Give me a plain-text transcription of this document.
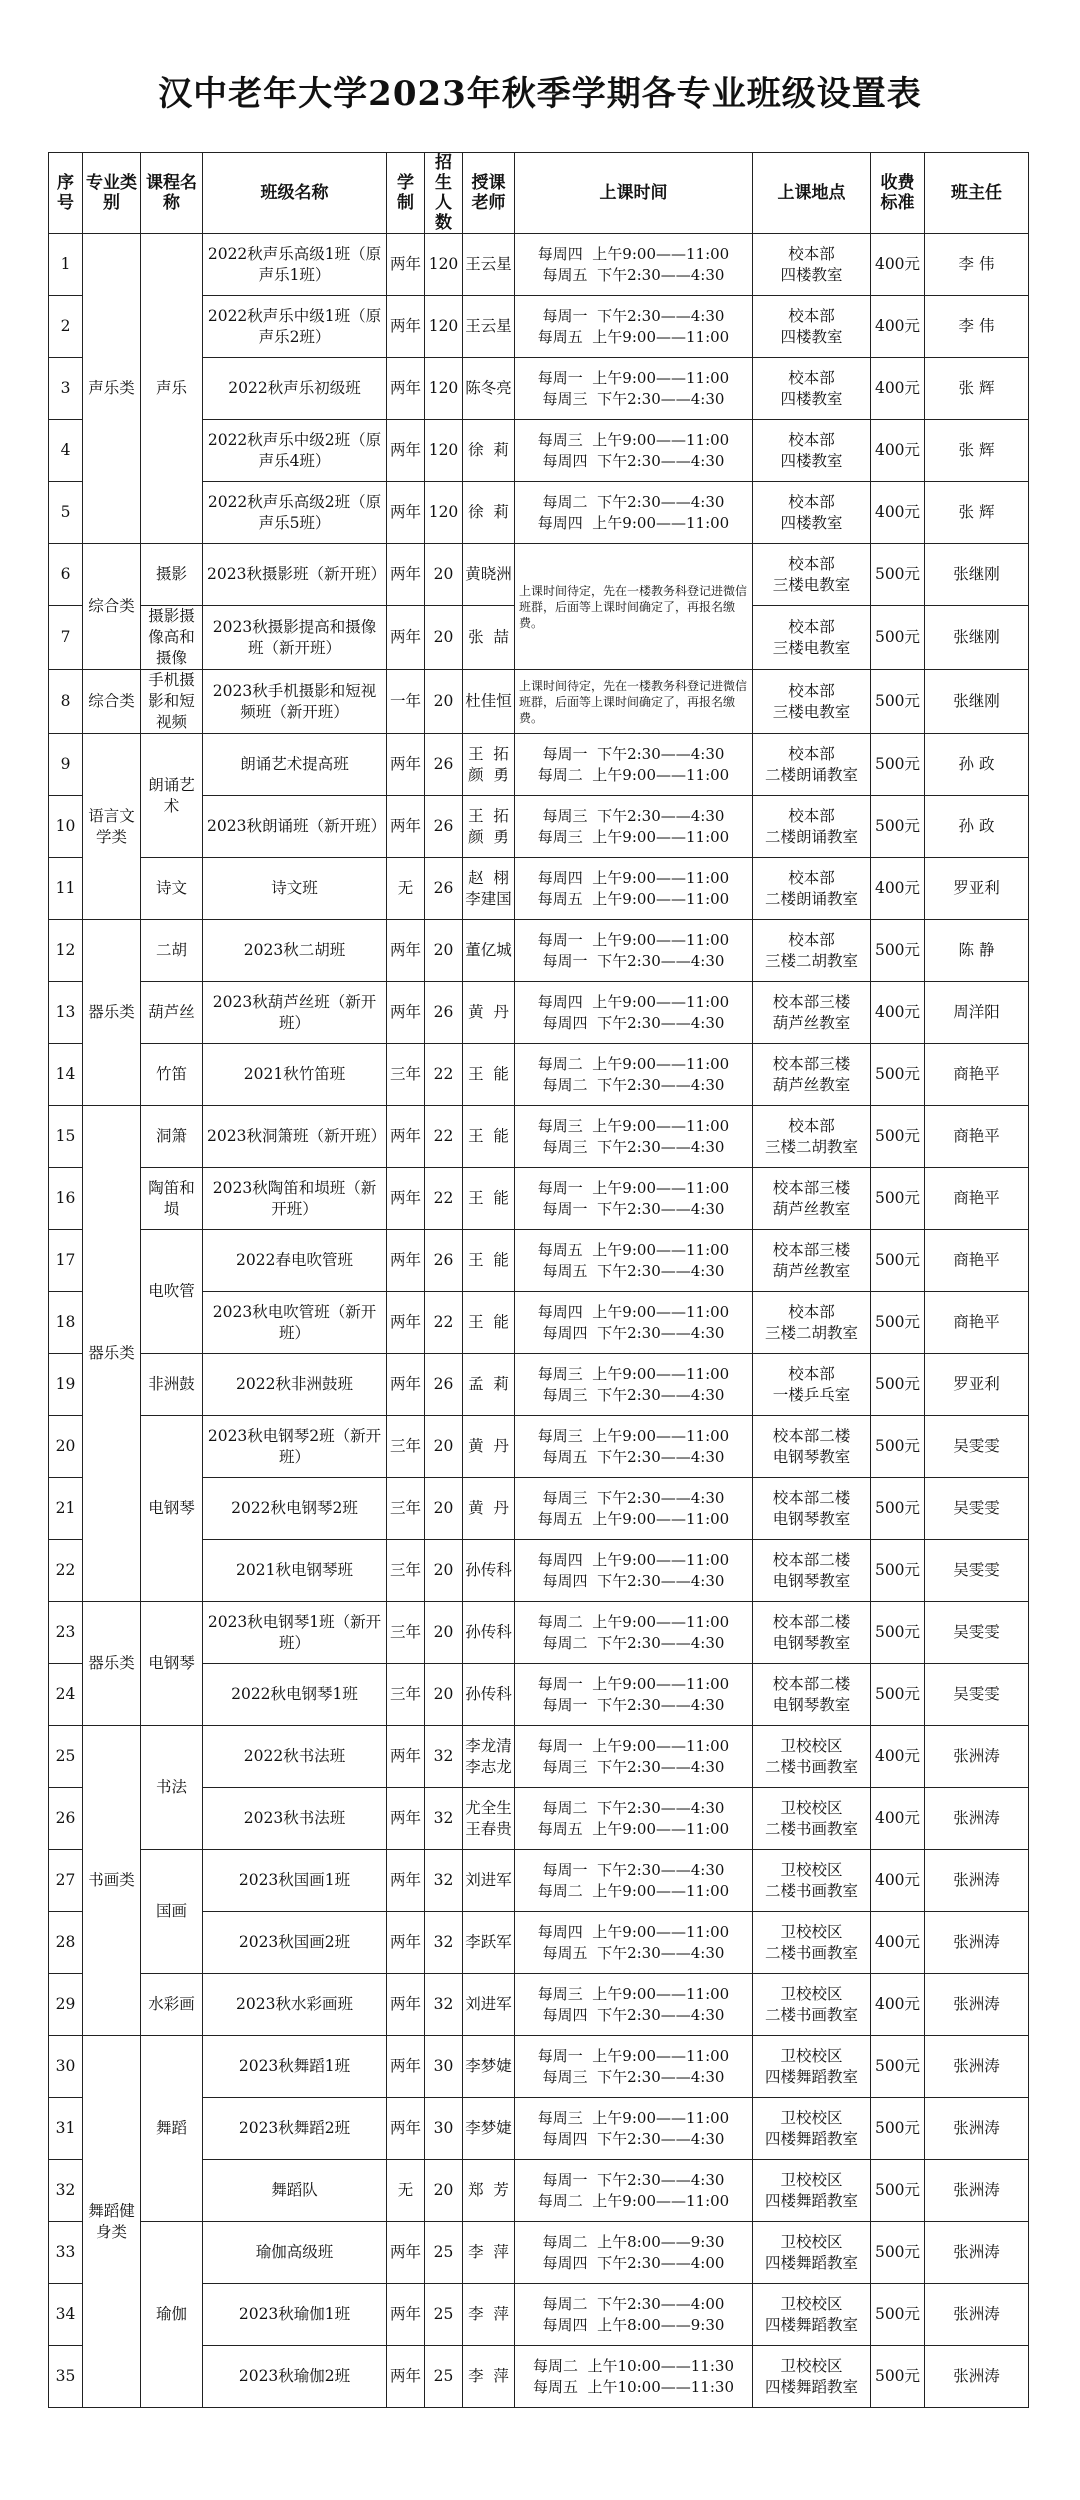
汉中老年大学2023年秋季学期各专业班级设置表
序号	专业类别	课程名称	班级名称	学制	招生人数	授课老师	上课时间	上课地点	收费标准	班主任
1	声乐类	声乐	2022秋声乐高级1班（原声乐1班）	两年	120	王云星	每周四  上午9:00——11:00
每周五  下午2:30——4:30	校本部
四楼教室	400元	李 伟
2			2022秋声乐中级1班（原声乐2班）	两年	120	王云星	每周一  下午2:30——4:30
每周五  上午9:00——11:00	校本部
四楼教室	400元	李 伟
3			2022秋声乐初级班	两年	120	陈冬亮	每周一  上午9:00——11:00
每周三  下午2:30——4:30	校本部
四楼教室	400元	张 辉
4			2022秋声乐中级2班（原声乐4班）	两年	120	徐  莉	每周三  上午9:00——11:00
每周四  下午2:30——4:30	校本部
四楼教室	400元	张 辉
5			2022秋声乐高级2班（原声乐5班）	两年	120	徐  莉	每周二  下午2:30——4:30
每周四  上午9:00——11:00	校本部
四楼教室	400元	张 辉
6	综合类	摄影	2023秋摄影班（新开班）	两年	20	黄晓洲	上课时间待定，先在一楼教务科登记进微信班群，后面等上课时间确定了，再报名缴费。	校本部
三楼电教室	500元	张继刚
7		摄影摄像高和摄像	2023秋摄影提高和摄像班（新开班）	两年	20	张  喆		校本部
三楼电教室	500元	张继刚
8	综合类	手机摄影和短视频	2023秋手机摄影和短视频班（新开班）	一年	20	杜佳恒	上课时间待定，先在一楼教务科登记进微信班群，后面等上课时间确定了，再报名缴费。	校本部
三楼电教室	500元	张继刚
9	语言文学类	朗诵艺术	朗诵艺术提高班	两年	26	王  拓
颜  勇	每周一  下午2:30——4:30
每周二  上午9:00——11:00	校本部
二楼朗诵教室	500元	孙 政
10			2023秋朗诵班（新开班）	两年	26	王  拓
颜  勇	每周三  下午2:30——4:30
每周三  上午9:00——11:00	校本部
二楼朗诵教室	500元	孙 政
11		诗文	诗文班	无	26	赵  栩
李建国	每周四  上午9:00——11:00
每周五  上午9:00——11:00	校本部
二楼朗诵教室	400元	罗亚利
12	器乐类	二胡	2023秋二胡班	两年	20	董亿城	每周一  上午9:00——11:00
每周一  下午2:30——4:30	校本部
三楼二胡教室	500元	陈 静
13		葫芦丝	2023秋葫芦丝班（新开班）	两年	26	黄  丹	每周四  上午9:00——11:00
每周四  下午2:30——4:30	校本部三楼
葫芦丝教室	400元	周洋阳
14		竹笛	2021秋竹笛班	三年	22	王  能	每周二  上午9:00——11:00
每周二  下午2:30——4:30	校本部三楼
葫芦丝教室	500元	商艳平
15	器乐类	洞箫	2023秋洞箫班（新开班）	两年	22	王  能	每周三  上午9:00——11:00
每周三  下午2:30——4:30	校本部
三楼二胡教室	500元	商艳平
16		陶笛和埙	2023秋陶笛和埙班（新开班）	两年	22	王  能	每周一  上午9:00——11:00
每周一  下午2:30——4:30	校本部三楼
葫芦丝教室	500元	商艳平
17		电吹管	2022春电吹管班	两年	26	王  能	每周五  上午9:00——11:00
每周五  下午2:30——4:30	校本部三楼
葫芦丝教室	500元	商艳平
18			2023秋电吹管班（新开班）	两年	22	王  能	每周四  上午9:00——11:00
每周四  下午2:30——4:30	校本部
三楼二胡教室	500元	商艳平
19		非洲鼓	2022秋非洲鼓班	两年	26	孟  莉	每周三  上午9:00——11:00
每周三  下午2:30——4:30	校本部
一楼乒乓室	500元	罗亚利
20		电钢琴	2023秋电钢琴2班（新开班）	三年	20	黄  丹	每周三  上午9:00——11:00
每周五  下午2:30——4:30	校本部二楼
电钢琴教室	500元	吴雯雯
21			2022秋电钢琴2班	三年	20	黄  丹	每周三  下午2:30——4:30
每周五  上午9:00——11:00	校本部二楼
电钢琴教室	500元	吴雯雯
22			2021秋电钢琴班	三年	20	孙传科	每周四  上午9:00——11:00
每周四  下午2:30——4:30	校本部二楼
电钢琴教室	500元	吴雯雯
23	器乐类	电钢琴	2023秋电钢琴1班（新开班）	三年	20	孙传科	每周二  上午9:00——11:00
每周二  下午2:30——4:30	校本部二楼
电钢琴教室	500元	吴雯雯
24			2022秋电钢琴1班	三年	20	孙传科	每周一  上午9:00——11:00
每周一  下午2:30——4:30	校本部二楼
电钢琴教室	500元	吴雯雯
25	书画类	书法	2022秋书法班	两年	32	李龙清
李志龙	每周一  上午9:00——11:00
每周三  下午2:30——4:30	卫校校区
二楼书画教室	400元	张洲涛
26			2023秋书法班	两年	32	尤全生
王春贵	每周二  下午2:30——4:30
每周五  上午9:00——11:00	卫校校区
二楼书画教室	400元	张洲涛
27		国画	2023秋国画1班	两年	32	刘进军	每周一  下午2:30——4:30
每周二  上午9:00——11:00	卫校校区
二楼书画教室	400元	张洲涛
28			2023秋国画2班	两年	32	李跃军	每周四  上午9:00——11:00
每周五  下午2:30——4:30	卫校校区
二楼书画教室	400元	张洲涛
29		水彩画	2023秋水彩画班	两年	32	刘进军	每周三  上午9:00——11:00
每周四  下午2:30——4:30	卫校校区
二楼书画教室	400元	张洲涛
30	舞蹈健身类	舞蹈	2023秋舞蹈1班	两年	30	李梦婕	每周一  上午9:00——11:00
每周三  下午2:30——4:30	卫校校区
四楼舞蹈教室	500元	张洲涛
31			2023秋舞蹈2班	两年	30	李梦婕	每周三  上午9:00——11:00
每周四  下午2:30——4:30	卫校校区
四楼舞蹈教室	500元	张洲涛
32			舞蹈队	无	20	郑  芳	每周一  下午2:30——4:30
每周二  上午9:00——11:00	卫校校区
四楼舞蹈教室	500元	张洲涛
33		瑜伽	瑜伽高级班	两年	25	李  萍	每周二  上午8:00——9:30
每周四  下午2:30——4:00	卫校校区
四楼舞蹈教室	500元	张洲涛
34			2023秋瑜伽1班	两年	25	李  萍	每周二  下午2:30——4:00
每周四  上午8:00——9:30	卫校校区
四楼舞蹈教室	500元	张洲涛
35			2023秋瑜伽2班	两年	25	李  萍	每周二  上午10:00——11:30
每周五  上午10:00——11:30	卫校校区
四楼舞蹈教室	500元	张洲涛
